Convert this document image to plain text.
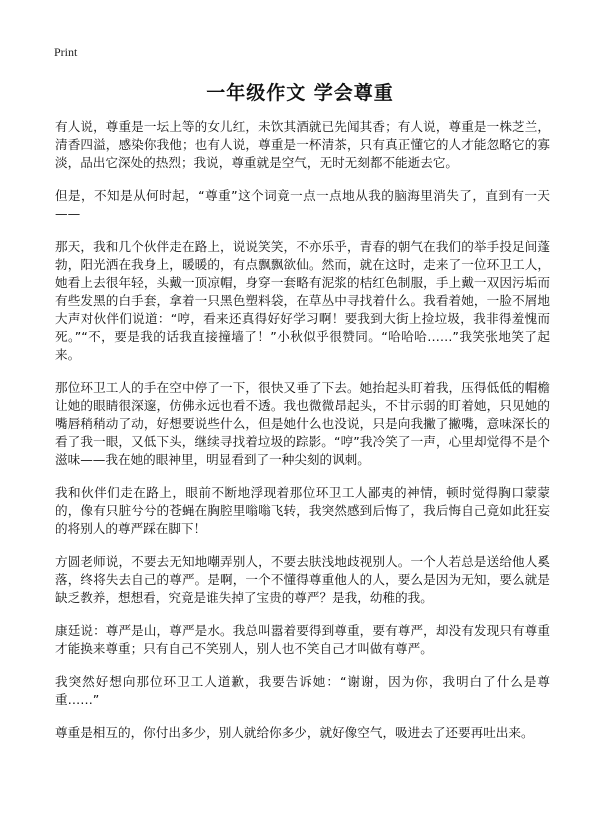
Print
一年级作文 学会尊重

有人说，尊重是一坛上等的女儿红，未饮其酒就已先闻其香；有人说，尊重是一株芝兰，清香四溢，感染你我他；也有人说，尊重是一杯清茶，只有真正懂它的人才能忽略它的寡淡，品出它深处的热烈；我说，尊重就是空气，无时无刻都不能逝去它。

但是，不知是从何时起，“尊重”这个词竟一点一点地从我的脑海里消失了，直到有一天——

那天，我和几个伙伴走在路上，说说笑笑，不亦乐乎，青春的朝气在我们的举手投足间蓬勃，阳光洒在我身上，暖暖的，有点飘飘欲仙。然而，就在这时，走来了一位环卫工人，她看上去很年轻，头戴一顶凉帽，身穿一套略有泥浆的桔红色制服，手上戴一双因污垢而有些发黑的白手套，拿着一只黑色塑料袋，在草丛中寻找着什么。我看着她，一脸不屑地大声对伙伴们说道：“哼，看来还真得好好学习啊！要我到大街上捡垃圾，我非得羞愧而死。”“不，要是我的话我直接撞墙了！”小秋似乎很赞同。“哈哈哈……”我笑张地笑了起来。

那位环卫工人的手在空中停了一下，很快又垂了下去。她抬起头盯着我，压得低低的帽檐让她的眼睛很深邃，仿佛永远也看不透。我也微微昂起头，不甘示弱的盯着她，只见她的嘴唇稍稍动了动，好想要说些什么，但是她什么也没说，只是向我撇了撇嘴，意味深长的看了我一眼，又低下头，继续寻找着垃圾的踪影。“哼”我冷笑了一声，心里却觉得不是个滋味——我在她的眼神里，明显看到了一种尖刻的讽刺。

我和伙伴们走在路上，眼前不断地浮现着那位环卫工人鄙夷的神情，顿时觉得胸口蒙蒙的，像有只脏兮兮的苍蝇在胸腔里嗡嗡飞转，我突然感到后悔了，我后悔自己竟如此狂妄的将别人的尊严踩在脚下！

方圆老师说，不要去无知地嘲弄别人，不要去肤浅地歧视别人。一个人若总是送给他人奚落，终将失去自己的尊严。是啊，一个不懂得尊重他人的人，要么是因为无知，要么就是缺乏教养，想想看，究竟是谁失掉了宝贵的尊严？是我，幼稚的我。

康廷说：尊严是山，尊严是水。我总叫嚣着要得到尊重，要有尊严，却没有发现只有尊重才能换来尊重；只有自己不笑别人，别人也不笑自己才叫做有尊严。

我突然好想向那位环卫工人道歉，我要告诉她：“谢谢，因为你，我明白了什么是尊重……”

尊重是相互的，你付出多少，别人就给你多少，就好像空气，吸进去了还要再吐出来。
